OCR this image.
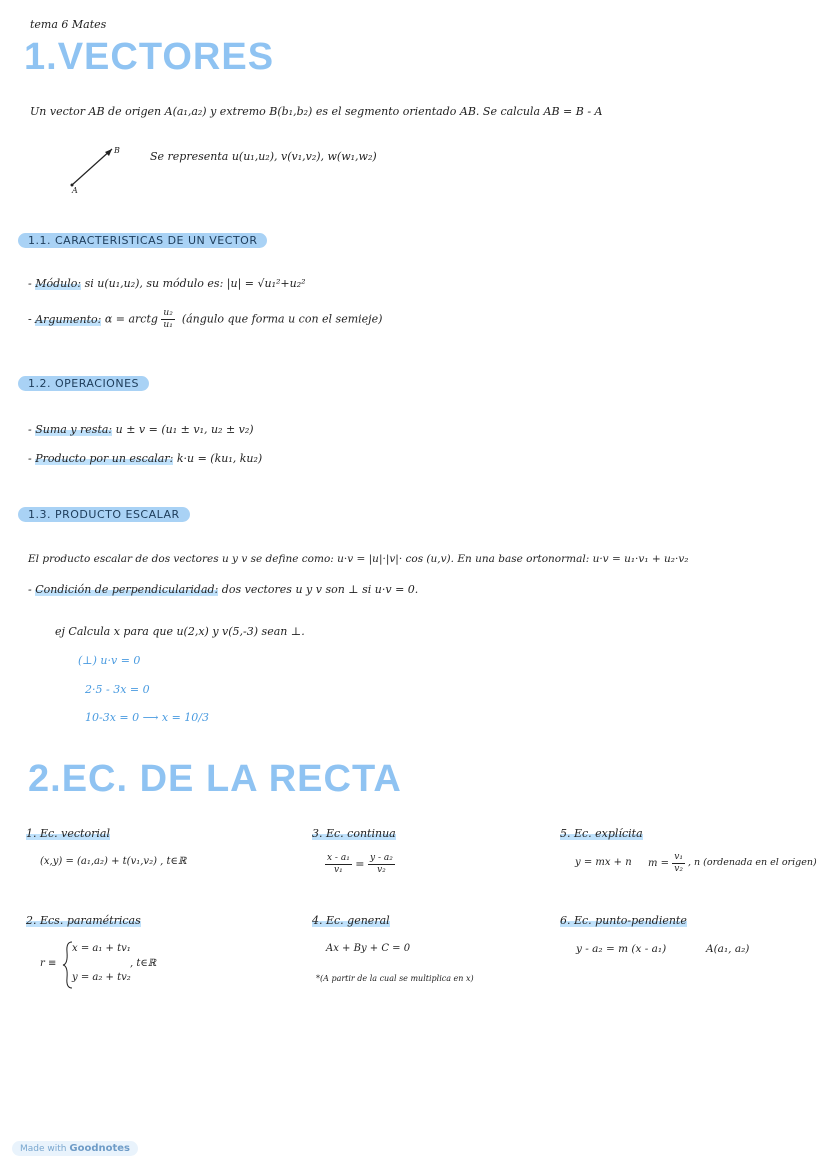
tema 6 Mates
1.VECTORES
Un vector AB de origen A(a₁,a₂) y extremo B(b₁,b₂) es el segmento orientado AB. Se calcula AB = B - A
B
A
Se representa u(u₁,u₂), v(v₁,v₂), w(w₁,w₂)
1.1. CARACTERISTICAS DE UN VECTOR
- Módulo: si u(u₁,u₂), su módulo es: |u| = √u₁²+u₂²
- Argumento: α = arctg $\frac{\text{u₂}}{\text{u₁}}$ (ángulo que forma u con el semieje)
1.2. OPERACIONES
- Suma y resta: u ± v = (u₁ ± v₁, u₂ ± v₂)
- Producto por un escalar: k·u = (ku₁, ku₂)
1.3. PRODUCTO ESCALAR
El producto escalar de dos vectores u y v se define como: u·v = |u|·|v|· cos (u,v). En una base ortonormal: u·v = u₁·v₁ + u₂·v₂
- Condición de perpendicularidad: dos vectores u y v son ⊥ si u·v = 0.
ej Calcula x para que u(2,x) y v(5,-3) sean ⊥.
(⊥) u·v = 0
2·5 - 3x = 0
10-3x = 0 ⟶ x = 10/3
2.EC. DE LA RECTA
1. Ec. vectorial
(x,y) = (a₁,a₂) + t(v₁,v₂) , t∈ℝ
2. Ecs. paramétricas
r ≡
x = a₁ + tv₁
y = a₂ + tv₂
, t∈ℝ
3. Ec. continua
$\frac{\text{x - a₁}}{\text{v₁}} = \frac{\text{y - a₂}}{\text{v₂}}$
4. Ec. general
Ax + By + C = 0
*(A partir de la cual se multiplica en x)
5. Ec. explícita
y = mx + n $m = \frac{\text{v₁}}{\text{v₂}}$ , n (ordenada en el origen)
6. Ec. punto-pendiente
y - a₂ = m (x - a₁)	A(a₁, a₂)
Made with Goodnotes
